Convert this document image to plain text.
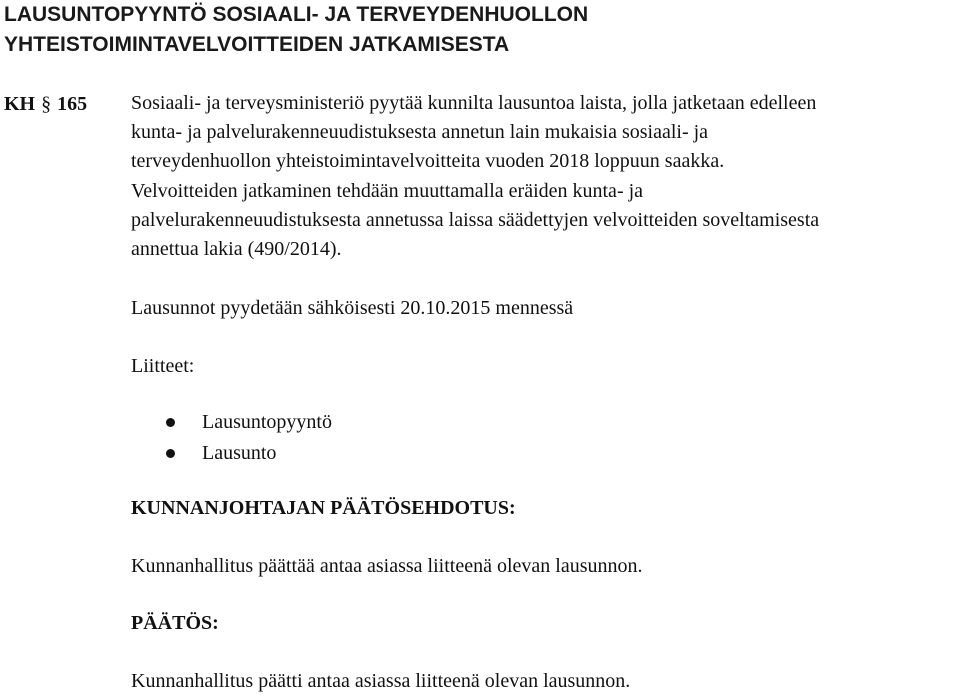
LAUSUNTOPYYNTÖ SOSIAALI- JA TERVEYDENHUOLLON
YHTEISTOIMINTAVELVOITTEIDEN JATKAMISESTA
KH § 165 Sosiaali- ja terveysministeriö pyytää kunnilta lausuntoa laista, jolla jatketaan edelleen
kunta- ja palvelurakenneuudistuksesta annetun lain mukaisia sosiaali- ja
terveydenhuollon yhteistoimintavelvoitteita vuoden 2018 loppuun saakka.
Velvoitteiden jatkaminen tehdään muuttamalla eräiden kunta- ja
palvelurakenneuudistuksesta annetussa laissa säädettyjen velvoitteiden soveltamisesta
annettua lakia (490/2014).

Lausunnot pyydetään sähköisesti 20.10.2015 mennessä
Liitteet:
Lausuntopyyntö
Lausunto
KUNNANJOHTAJAN PÄÄTÖSEHDOTUS:
Kunnanhallitus päättää antaa asiassa liitteenä olevan lausunnon.
PÄÄTÖS:
Kunnanhallitus päätti antaa asiassa liitteenä olevan lausunnon.
